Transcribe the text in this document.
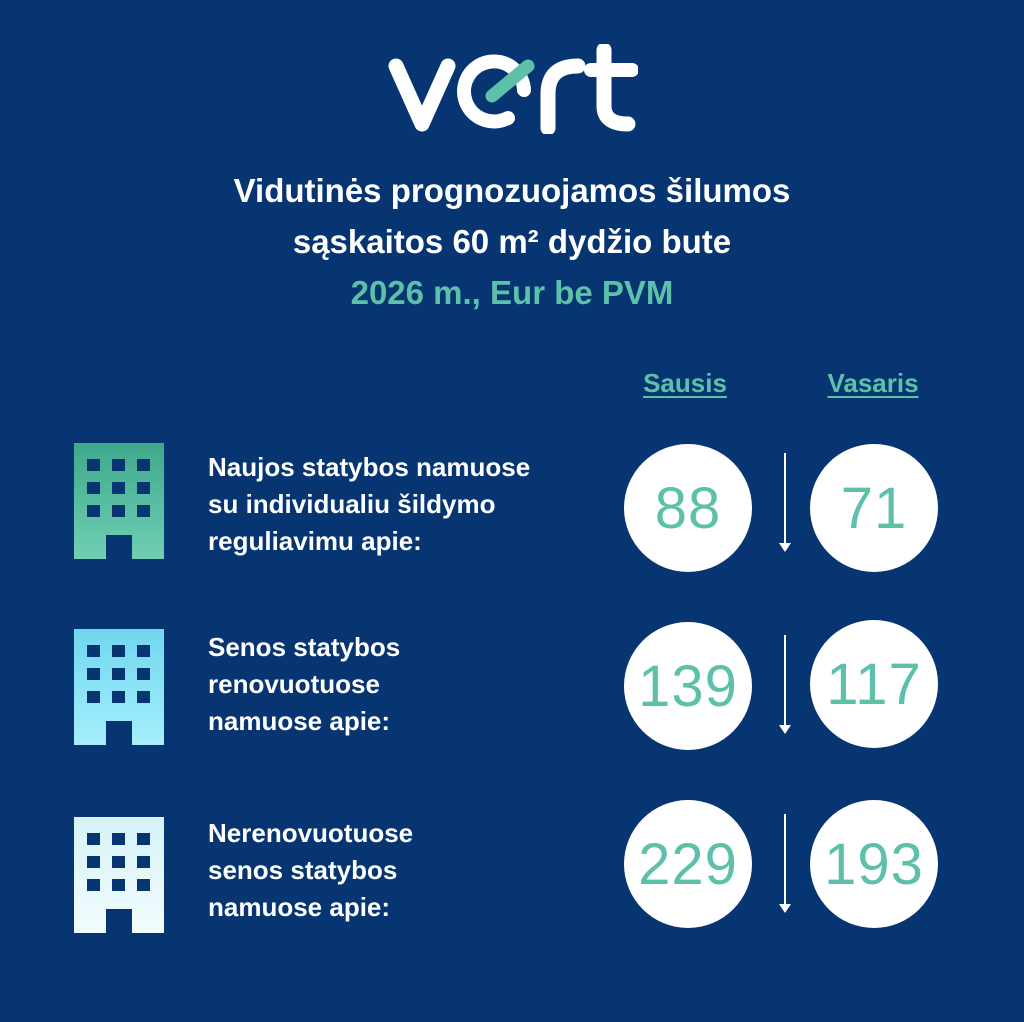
Vidutinės prognozuojamos šilumos
sąskaitos 60 m² dydžio bute
2026 m., Eur be PVM
Sausis	Vasaris
Naujos statybos namuose
su individualiu šildymo
reguliavimu apie:
88	71
Senos statybos
renovuotuose
namuose apie:
139 117
Nerenovuotuose
senos statybos
namuose apie:
229 193
